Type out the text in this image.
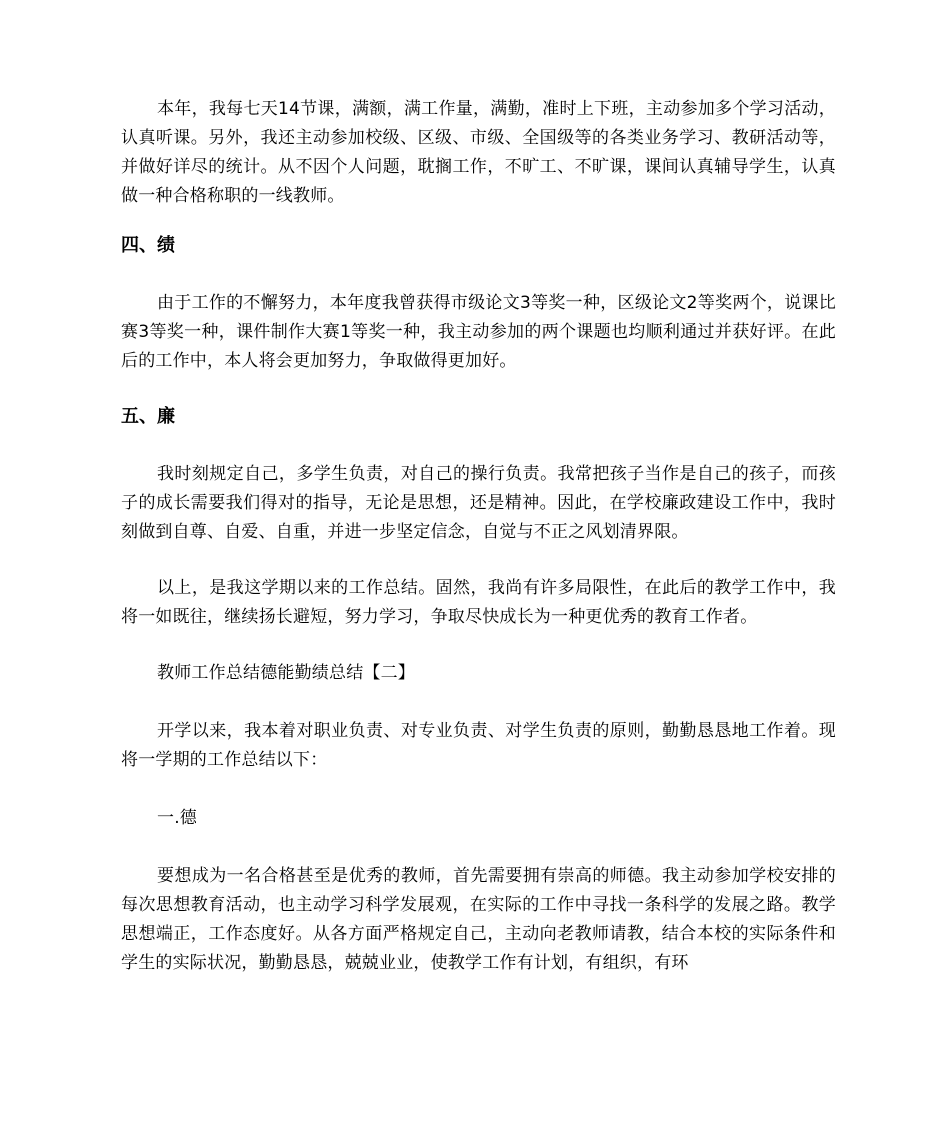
本年，我每七天14节课，满额，满工作量，满勤，准时上下班，主动参加多个学习活动，认真听课。另外，我还主动参加校级、区级、市级、全国级等的各类业务学习、教研活动等，并做好详尽的统计。从不因个人问题，耽搁工作，不旷工、不旷课，课间认真辅导学生，认真做一种合格称职的一线教师。

四、绩

由于工作的不懈努力，本年度我曾获得市级论文3等奖一种，区级论文2等奖两个，说课比赛3等奖一种，课件制作大赛1等奖一种，我主动参加的两个课题也均顺利通过并获好评。在此后的工作中，本人将会更加努力，争取做得更加好。

五、廉

我时刻规定自己，多学生负责，对自己的操行负责。我常把孩子当作是自己的孩子，而孩子的成长需要我们得对的指导，无论是思想，还是精神。因此，在学校廉政建设工作中，我时刻做到自尊、自爱、自重，并进一步坚定信念，自觉与不正之风划清界限。

以上，是我这学期以来的工作总结。固然，我尚有许多局限性，在此后的教学工作中，我将一如既往，继续扬长避短，努力学习，争取尽快成长为一种更优秀的教育工作者。

教师工作总结德能勤绩总结【二】

开学以来，我本着对职业负责、对专业负责、对学生负责的原则，勤勤恳恳地工作着。现将一学期的工作总结以下：

一.德

要想成为一名合格甚至是优秀的教师，首先需要拥有崇高的师德。我主动参加学校安排的每次思想教育活动，也主动学习科学发展观，在实际的工作中寻找一条科学的发展之路。教学思想端正，工作态度好。从各方面严格规定自己，主动向老教师请教，结合本校的实际条件和学生的实际状况，勤勤恳恳，兢兢业业，使教学工作有计划，有组织，有环
